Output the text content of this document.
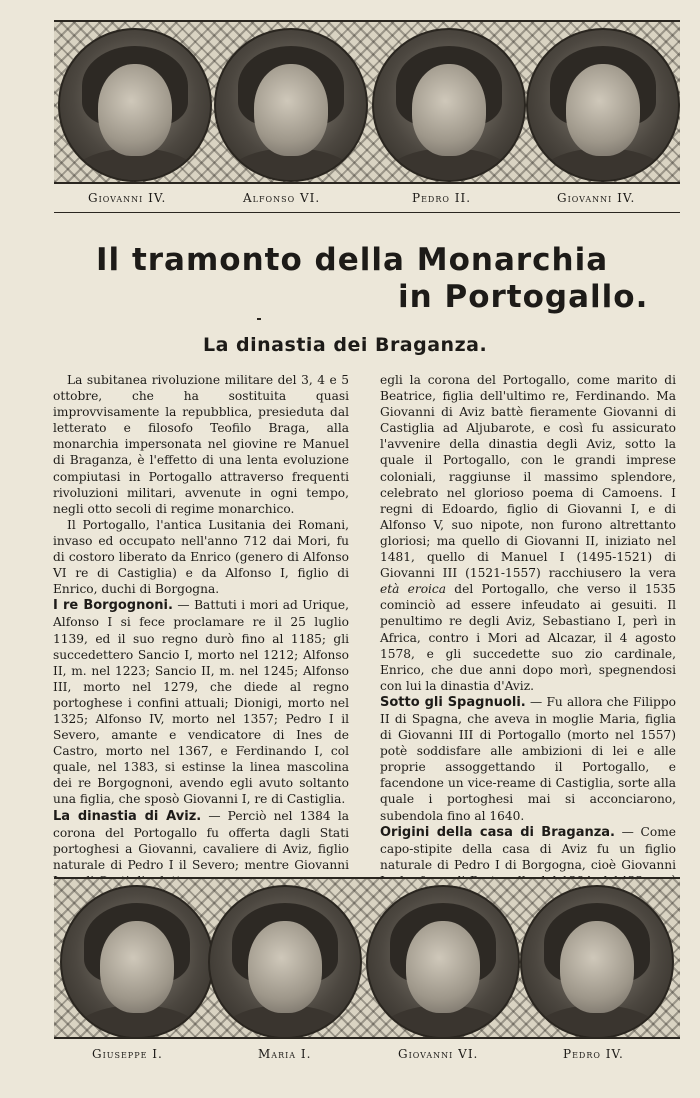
Giovanni IV.	Alfonso VI.	Pedro II.	Giovanni IV.
Il tramonto della Monarchia
in Portogallo.
La dinastia dei Braganza.

La subitanea rivoluzione militare del 3, 4 e 5 ottobre, che ha sostituita quasi improvvisamente la repubblica, presieduta dal letterato e filosofo Teofilo Braga, alla monarchia impersonata nel giovine re Manuel di Braganza, è l'effetto di una lenta evoluzione compiutasi in Portogallo attraverso frequenti rivoluzioni militari, avvenute in ogni tempo, negli otto secoli di regime monarchico.

Il Portogallo, l'antica Lusitania dei Romani, invaso ed occupato nell'anno 712 dai Mori, fu di costoro liberato da Enrico (genero di Alfonso VI re di Castiglia) e da Alfonso I, figlio di Enrico, duchi di Borgogna.

I re Borgognoni. — Battuti i mori ad Urique, Alfonso I si fece proclamare re il 25 luglio 1139, ed il suo regno durò fino al 1185; gli succedettero Sancio I, morto nel 1212; Alfonso II, m. nel 1223; Sancio II, m. nel 1245; Alfonso III, morto nel 1279, che diede al regno portoghese i confini attuali; Dionigi, morto nel 1325; Alfonso IV, morto nel 1357; Pedro I il Severo, amante e vendicatore di Ines de Castro, morto nel 1367, e Ferdinando I, col quale, nel 1383, si estinse la linea mascolina dei re Borgognoni, avendo egli avuto soltanto una figlia, che sposò Giovanni I, re di Castiglia.

La dinastia di Aviz. — Perciò nel 1384 la corona del Portogallo fu offerta dagli Stati portoghesi a Giovanni, cavaliere di Aviz, figlio naturale di Pedro I il Severo; mentre Giovanni

egli la corona del Portogallo, come marito di Beatrice, figlia dell'ultimo re, Ferdinando. Ma Giovanni di Aviz battè fieramente Giovanni di Castiglia ad Aljubarote, e così fu assicurato l'avvenire della dinastia degli Aviz, sotto la quale il Portogallo, con le grandi imprese coloniali, raggiunse il massimo splendore, celebrato nel glorioso poema di Camoens. I regni di Edoardo, figlio di Giovanni I, e di Alfonso V, suo nipote, non furono altrettanto gloriosi; ma quello di Giovanni II, iniziato nel 1481, quello di Manuel I (1495-1521) di Giovanni III (1521-1557) racchiusero la vera età eroica del Portogallo, che verso il 1535 cominciò ad essere infeudato ai gesuiti. Il penultimo re degli Aviz, Sebastiano I, perì in Africa, contro i Mori ad Alcazar, il 4 agosto 1578, e gli succedette suo zio cardinale, Enrico, che due anni dopo morì, spegnendosi con lui la dinastia d'Aviz.

Sotto gli Spagnuoli. — Fu allora che Filippo II di Spagna, che aveva in moglie Maria, figlia di Giovanni III di Portogallo (morto nel 1557) potè soddisfare alle ambizioni di lei e alle proprie assoggettando il Portogallo, e facendone un vice-reame di Castiglia, sorte alla quale i portoghesi mai si acconciarono, subendola fino al 1640.

Origini della casa di Braganza. — Come capo-stipite della casa di Aviz fu un figlio naturale di Pedro I di Borgogna, cioè Giovanni

Giuseppe I.	Maria I.	Giovanni VI.	Pedro IV.
